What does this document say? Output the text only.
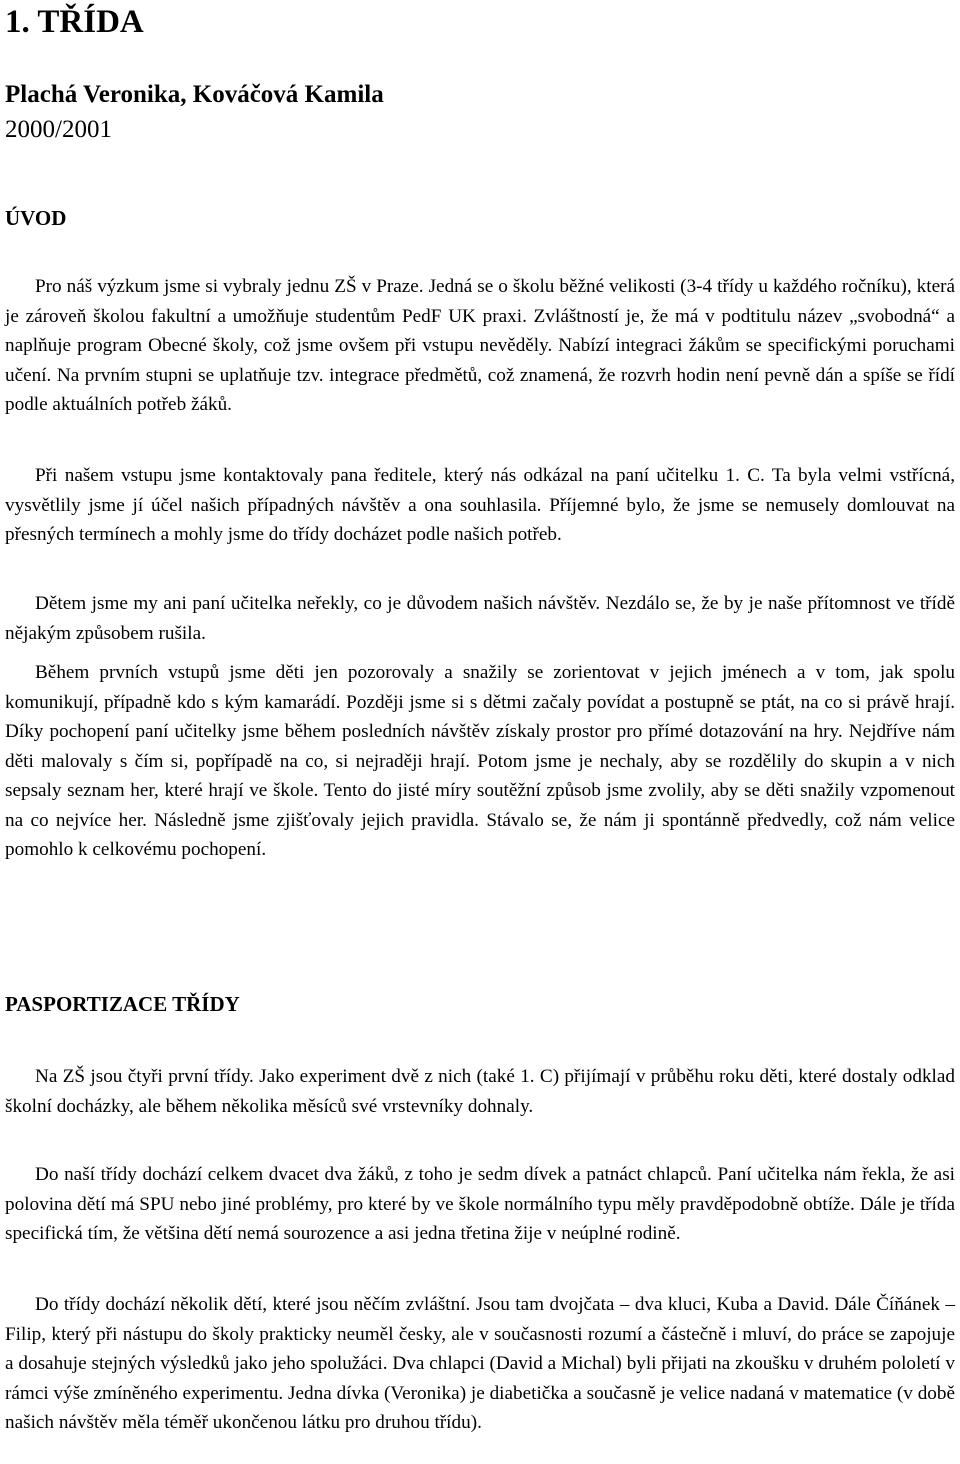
1. TŘÍDA

Plachá Veronika, Kováčová Kamila

2000/2001

ÚVOD

Pro náš výzkum jsme si vybraly jednu ZŠ v Praze. Jedná se o školu běžné velikosti (3-4 třídy u každého ročníku), která je zároveň školou fakultní a umožňuje studentům PedF UK praxi. Zvláštností je, že má v podtitulu název „svobodná“ a naplňuje program Obecné školy, což jsme ovšem při vstupu nevěděly. Nabízí integraci žákům se specifickými poruchami učení. Na prvním stupni se uplatňuje tzv. integrace předmětů, což znamená, že rozvrh hodin není pevně dán a spíše se řídí podle aktuálních potřeb žáků.

Při našem vstupu jsme kontaktovaly pana ředitele, který nás odkázal na paní učitelku 1. C. Ta byla velmi vstřícná, vysvětlily jsme jí účel našich případných návštěv a ona souhlasila. Příjemné bylo, že jsme se nemusely domlouvat na přesných termínech a mohly jsme do třídy docházet podle našich potřeb.

Dětem jsme my ani paní učitelka neřekly, co je důvodem našich návštěv. Nezdálo se, že by je naše přítomnost ve třídě nějakým způsobem rušila.

Během prvních vstupů jsme děti jen pozorovaly a snažily se zorientovat v jejich jménech a v tom, jak spolu komunikují, případně kdo s kým kamarádí. Později jsme si s dětmi začaly povídat a postupně se ptát, na co si právě hrají. Díky pochopení paní učitelky jsme během posledních návštěv získaly prostor pro přímé dotazování na hry. Nejdříve nám děti malovaly s čím si, popřípadě na co, si nejraději hrají. Potom jsme je nechaly, aby se rozdělily do skupin a v nich sepsaly seznam her, které hrají ve škole. Tento do jisté míry soutěžní způsob jsme zvolily, aby se děti snažily vzpomenout na co nejvíce her. Následně jsme zjišťovaly jejich pravidla. Stávalo se, že nám ji spontánně předvedly, což nám velice pomohlo k celkovému pochopení.

PASPORTIZACE TŘÍDY

Na ZŠ jsou čtyři první třídy. Jako experiment dvě z nich (také 1. C) přijímají v průběhu roku děti, které dostaly odklad školní docházky, ale během několika měsíců své vrstevníky dohnaly.

Do naší třídy dochází celkem dvacet dva žáků, z toho je sedm dívek a patnáct chlapců. Paní učitelka nám řekla, že asi polovina dětí má SPU nebo jiné problémy, pro které by ve škole normálního typu měly pravděpodobně obtíže. Dále je třída specifická tím, že většina dětí nemá sourozence a asi jedna třetina žije v neúplné rodině.

Do třídy dochází několik dětí, které jsou něčím zvláštní. Jsou tam dvojčata – dva kluci, Kuba a David. Dále Číňánek – Filip, který při nástupu do školy prakticky neuměl česky, ale v současnosti rozumí a částečně i mluví, do práce se zapojuje a dosahuje stejných výsledků jako jeho spolužáci. Dva chlapci (David a Michal) byli přijati na zkoušku v druhém pololetí v rámci výše zmíněného experimentu. Jedna dívka (Veronika) je diabetička a současně je velice nadaná v matematice (v době našich návštěv měla téměř ukončenou látku pro druhou třídu).
